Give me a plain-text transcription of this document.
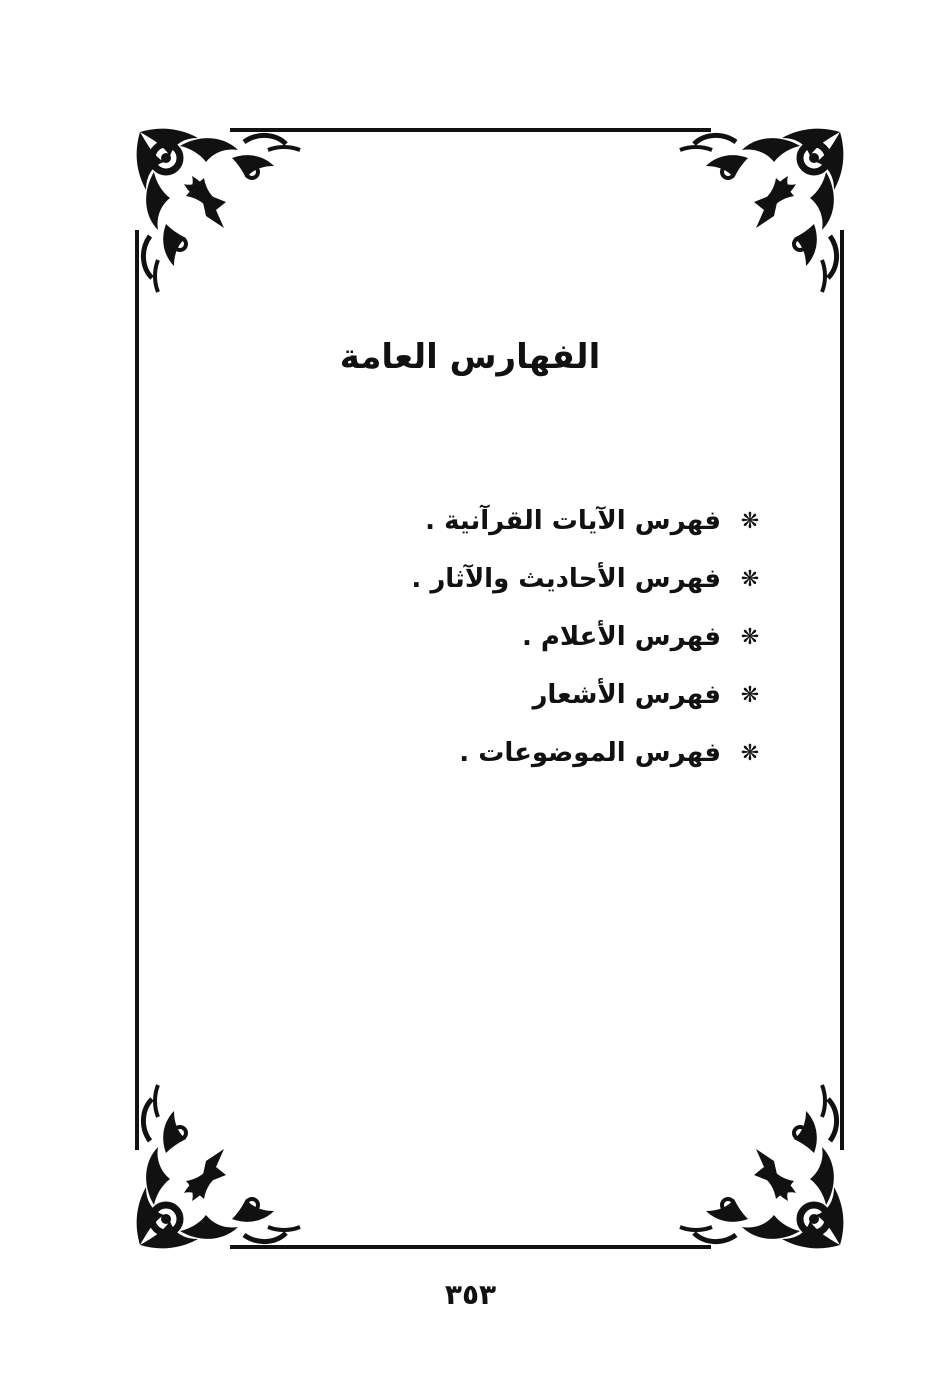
الفهارس العامة
❋
فهرس الآيات القرآنية .
❋
فهرس الأحاديث والآثار .
❋
فهرس الأعلام .
❋
فهرس الأشعار
❋
فهرس الموضوعات .
٣٥٣
